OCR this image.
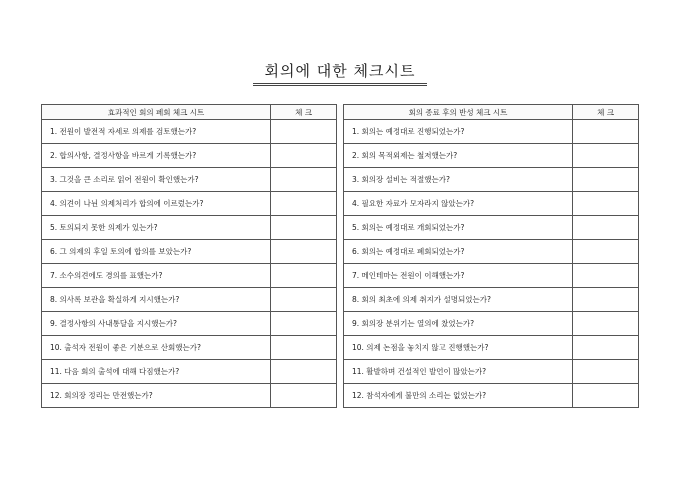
회의에 대한 체크시트
효과적인 회의 페회 체크 시트	체 크		회의 종료 후의 반성 체크 시트	체 크
1. 전원이 발전적 자세로 의제를 검토했는가?			1. 회의는 예정대로 진행되었는가?	
2. 합의사항, 결정사항을 바르게 기록했는가?			2. 회의 목적외제는 철저했는가?	
3. 그것을 큰 소리로 읽어 전원이 확인했는가?			3. 회의장 설비는 적절했는가?	
4. 의견이 나뉜 의제처리가 합의에 이르렀는가?			4. 필요한 자료가 모자라지 않았는가?	
5. 토의되지 못한 의제가 있는가?			5. 회의는 예정대로 개회되었는가?	
6. 그 의제의 후일 토의에 합의를 보았는가?			6. 회의는 예정대로 폐회되었는가?	
7. 소수의견에도 경의를 표했는가?			7. 메인테마는 전원이 이해했는가?	
8. 의사록 보관을 확실하게 지시했는가?			8. 회의 최초에 의제 취지가 설명되었는가?	
9. 결정사항의 사내통달을 지시했는가?			9. 회의장 분위기는 열의에 찼었는가?	
10. 출석자 전원이 좋은 기분으로 산회했는가?			10. 의제 논점을 놓치지 않고 진행했는가?	
11. 다음 회의 출석에 대해 다짐했는가?			11. 활발하며 건설적인 발언이 많았는가?	
12. 회의장 정리는 만전했는가?			12. 참석자에게 불만의 소리는 없었는가?	
